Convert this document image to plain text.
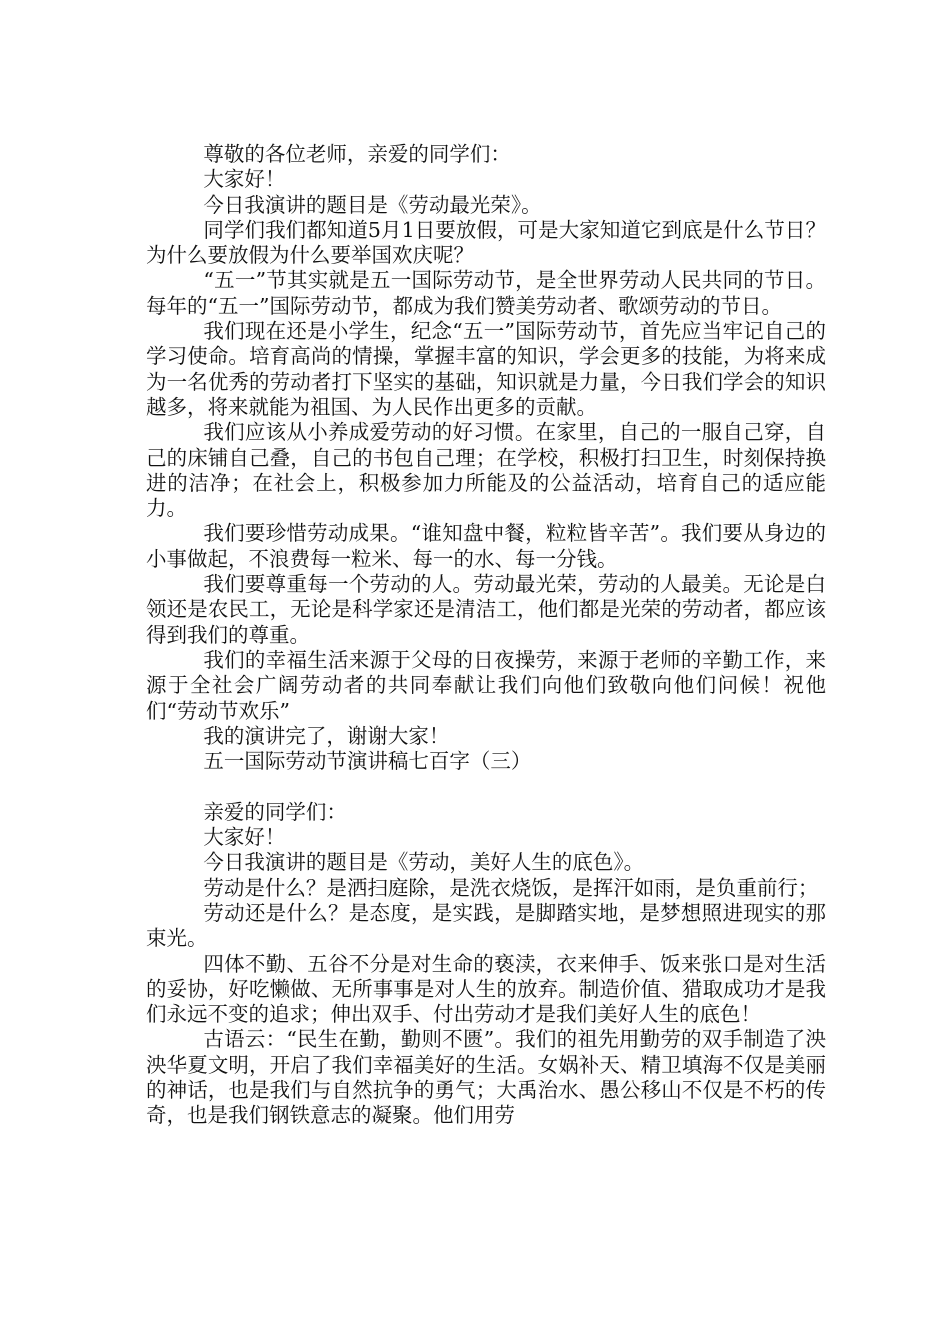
尊敬的各位老师，亲爱的同学们：

大家好！

今日我演讲的题目是《劳动最光荣》。

同学们我们都知道5月1日要放假，可是大家知道它到底是什么节日？为什么要放假为什么要举国欢庆呢？

“五一”节其实就是五一国际劳动节，是全世界劳动人民共同的节日。每年的“五一”国际劳动节，都成为我们赞美劳动者、歌颂劳动的节日。

我们现在还是小学生，纪念“五一”国际劳动节，首先应当牢记自己的学习使命。培育高尚的情操，掌握丰富的知识，学会更多的技能，为将来成为一名优秀的劳动者打下坚实的基础，知识就是力量，今日我们学会的知识越多，将来就能为祖国、为人民作出更多的贡献。

我们应该从小养成爱劳动的好习惯。在家里，自己的一服自己穿，自己的床铺自己叠，自己的书包自己理；在学校，积极打扫卫生，时刻保持换进的洁净；在社会上，积极参加力所能及的公益活动，培育自己的适应能力。

我们要珍惜劳动成果。“谁知盘中餐，粒粒皆辛苦”。我们要从身边的小事做起，不浪费每一粒米、每一的水、每一分钱。

我们要尊重每一个劳动的人。劳动最光荣，劳动的人最美。无论是白领还是农民工，无论是科学家还是清洁工，他们都是光荣的劳动者，都应该得到我们的尊重。

我们的幸福生活来源于父母的日夜操劳，来源于老师的辛勤工作，来源于全社会广阔劳动者的共同奉献让我们向他们致敬向他们问候！祝他们“劳动节欢乐”

我的演讲完了，谢谢大家！

五一国际劳动节演讲稿七百字（三）

亲爱的同学们：

大家好！

今日我演讲的题目是《劳动，美好人生的底色》。

劳动是什么？是洒扫庭除，是洗衣烧饭，是挥汗如雨，是负重前行；

劳动还是什么？是态度，是实践，是脚踏实地，是梦想照进现实的那束光。

四体不勤、五谷不分是对生命的亵渎，衣来伸手、饭来张口是对生活的妥协，好吃懒做、无所事事是对人生的放弃。制造价值、猎取成功才是我们永远不变的追求；伸出双手、付出劳动才是我们美好人生的底色！

古语云：“民生在勤，勤则不匮”。我们的祖先用勤劳的双手制造了泱泱华夏文明，开启了我们幸福美好的生活。女娲补天、精卫填海不仅是美丽的神话，也是我们与自然抗争的勇气；大禹治水、愚公移山不仅是不朽的传奇，也是我们钢铁意志的凝聚。他们用劳
